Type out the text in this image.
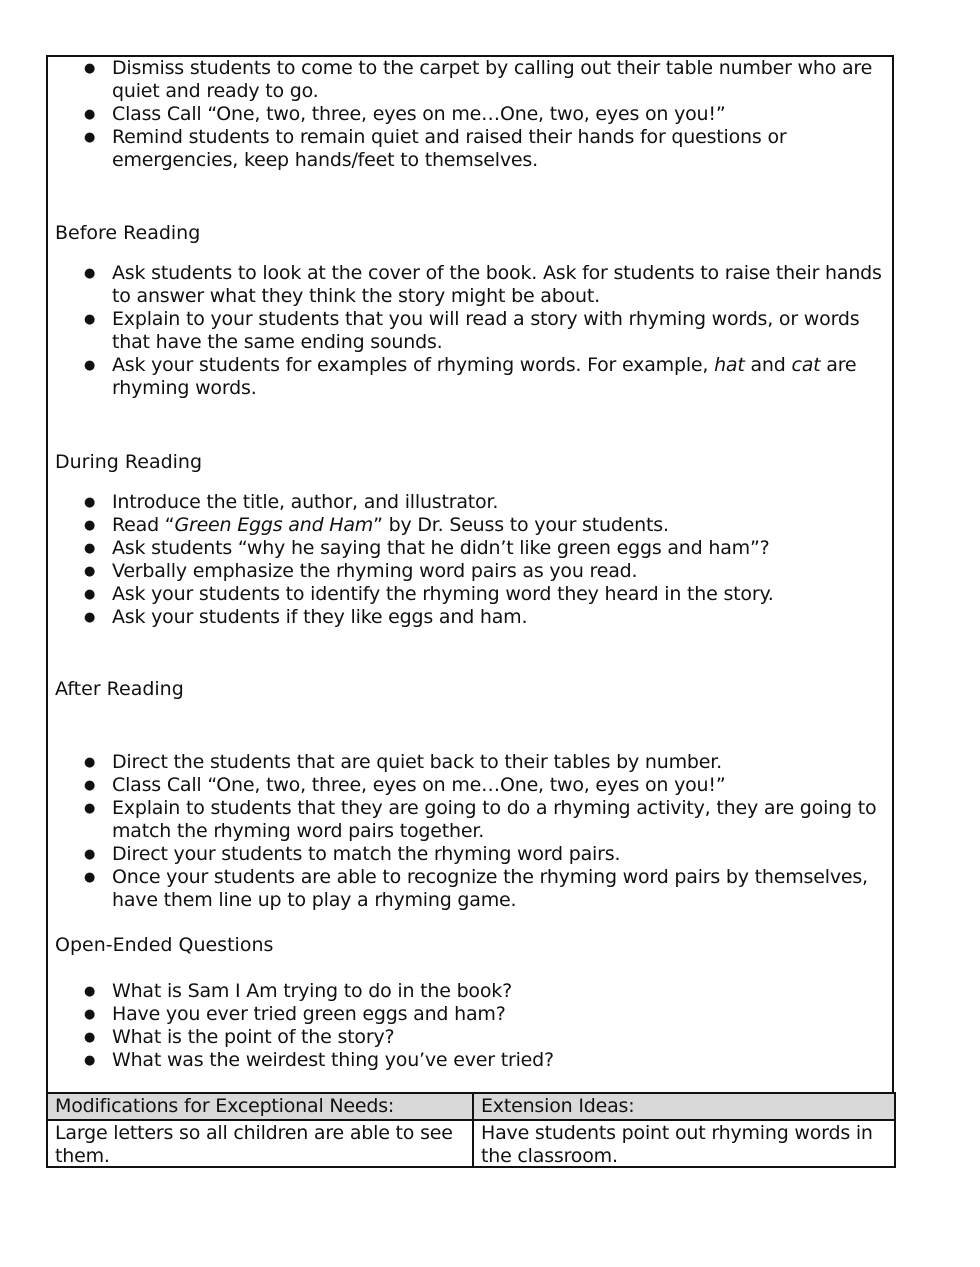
● Dismiss students to come to the carpet by calling out their table number who are quiet and ready to go.
● Class Call “One, two, three, eyes on me…One, two, eyes on you!”
● Remind students to remain quiet and raised their hands for questions or emergencies, keep hands/feet to themselves.
Before Reading
● Ask students to look at the cover of the book. Ask for students to raise their hands to answer what they think the story might be about.
● Explain to your students that you will read a story with rhyming words, or words that have the same ending sounds.
● Ask your students for examples of rhyming words. For example, hat and cat are rhyming words.
During Reading
● Introduce the title, author, and illustrator.
● Read “Green Eggs and Ham” by Dr. Seuss to your students.
● Ask students “why he saying that he didn’t like green eggs and ham”?
● Verbally emphasize the rhyming word pairs as you read.
● Ask your students to identify the rhyming word they heard in the story.
● Ask your students if they like eggs and ham.
After Reading
● Direct the students that are quiet back to their tables by number.
● Class Call “One, two, three, eyes on me…One, two, eyes on you!”
● Explain to students that they are going to do a rhyming activity, they are going to match the rhyming word pairs together.
● Direct your students to match the rhyming word pairs.
● Once your students are able to recognize the rhyming word pairs by themselves, have them line up to play a rhyming game.
Open-Ended Questions
● What is Sam I Am trying to do in the book?
● Have you ever tried green eggs and ham?
● What is the point of the story?
● What was the weirdest thing you’ve ever tried?
Modifications for Exceptional Needs:	Extension Ideas:
Large letters so all children are able to see them.
Have students point out rhyming words in the classroom.
